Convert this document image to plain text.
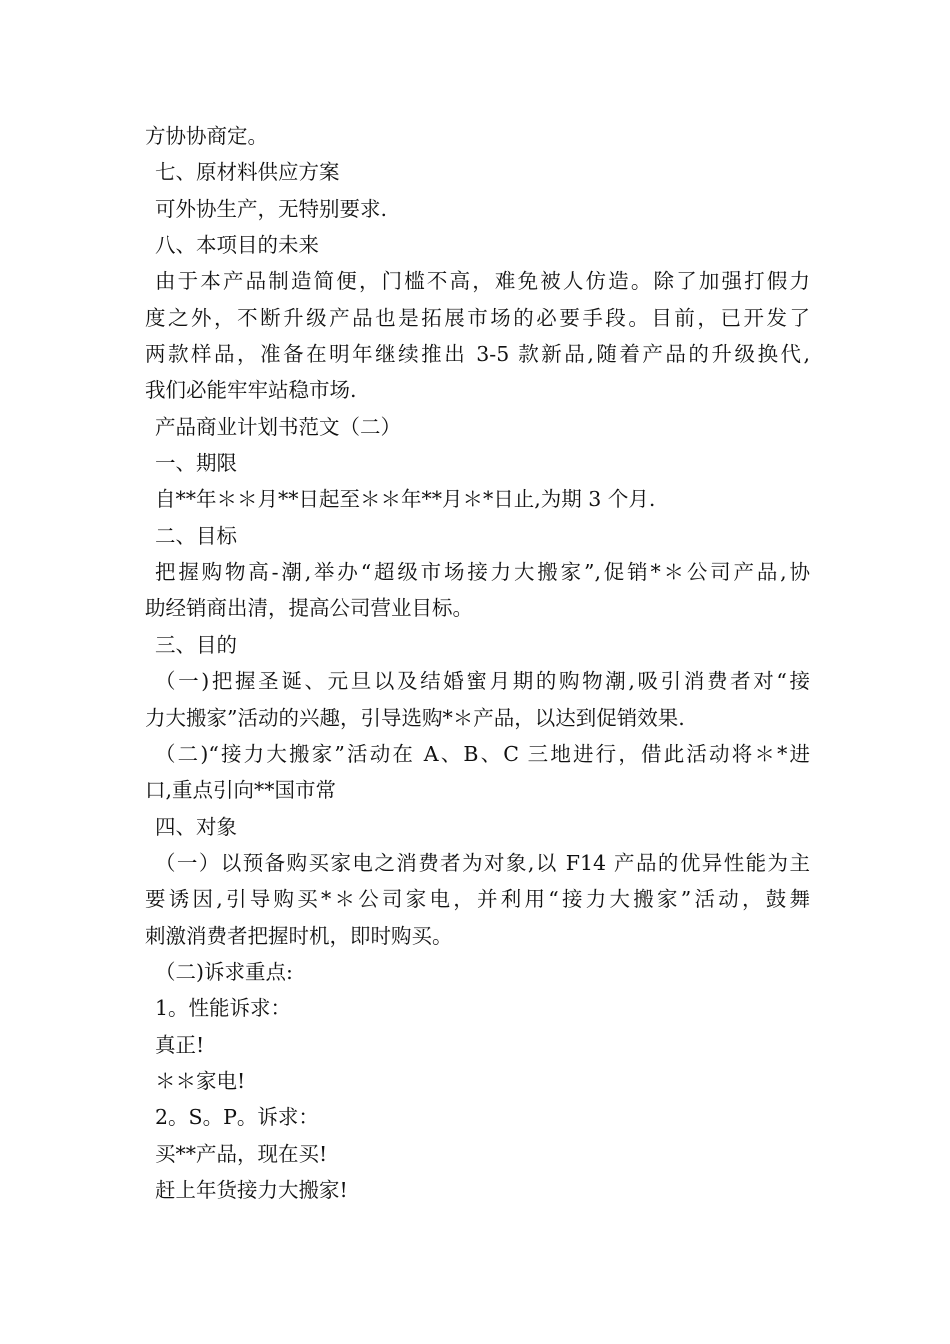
方协协商定。
七、原材料供应方案
可外协生产，无特别要求.
八、本项目的未来
由于本产品制造简便，门槛不高，难免被人仿造。除了加强打假力
度之外，不断升级产品也是拓展市场的必要手段。目前，已开发了
两款样品，准备在明年继续推出 3-5 款新品,随着产品的升级换代,
我们必能牢牢站稳市场.
产品商业计划书范文（二）
一、期限
自**年＊＊月**日起至＊＊年**月＊*日止,为期 3 个月.
二、目标
把握购物高-潮,举办“超级市场接力大搬家”,促销*＊公司产品,协
助经销商出清，提高公司营业目标。
三、目的
（一)把握圣诞、元旦以及结婚蜜月期的购物潮,吸引消费者对“接
力大搬家”活动的兴趣，引导选购*＊产品，以达到促销效果.
（二)“接力大搬家”活动在 A、B、C 三地进行，借此活动将＊*进
口,重点引向**国市常
四、对象
（一）以预备购买家电之消费者为对象,以 F14 产品的优异性能为主
要诱因,引导购买*＊公司家电，并利用“接力大搬家”活动，鼓舞
刺激消费者把握时机，即时购买。
（二)诉求重点:
1。性能诉求：
真正!
＊＊家电!
2。S。P。诉求：
买**产品，现在买!
赶上年货接力大搬家!
